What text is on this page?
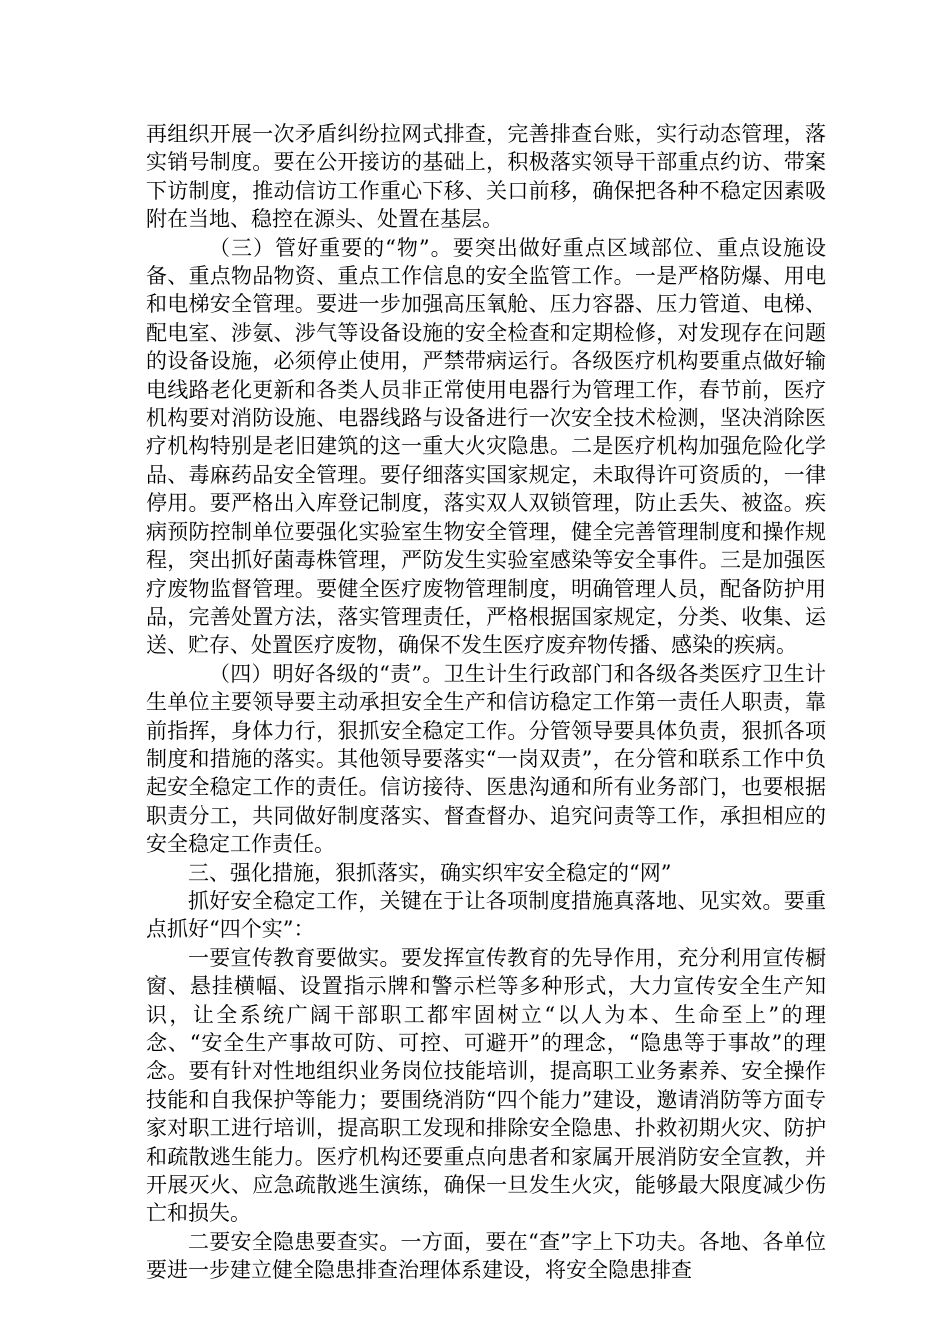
再组织开展一次矛盾纠纷拉网式排查，完善排查台账，实行动态管理，落实销号制度。要在公开接访的基础上，积极落实领导干部重点约访、带案下访制度，推动信访工作重心下移、关口前移，确保把各种不稳定因素吸附在当地、稳控在源头、处置在基层。

（三）管好重要的“物”。要突出做好重点区域部位、重点设施设备、重点物品物资、重点工作信息的安全监管工作。一是严格防爆、用电和电梯安全管理。要进一步加强高压氧舱、压力容器、压力管道、电梯、配电室、涉氨、涉气等设备设施的安全检查和定期检修，对发现存在问题的设备设施，必须停止使用，严禁带病运行。各级医疗机构要重点做好输电线路老化更新和各类人员非正常使用电器行为管理工作，春节前，医疗机构要对消防设施、电器线路与设备进行一次安全技术检测，坚决消除医疗机构特别是老旧建筑的这一重大火灾隐患。二是医疗机构加强危险化学品、毒麻药品安全管理。要仔细落实国家规定，未取得许可资质的，一律停用。要严格出入库登记制度，落实双人双锁管理，防止丢失、被盗。疾病预防控制单位要强化实验室生物安全管理，健全完善管理制度和操作规程，突出抓好菌毒株管理，严防发生实验室感染等安全事件。三是加强医疗废物监督管理。要健全医疗废物管理制度，明确管理人员，配备防护用品，完善处置方法，落实管理责任，严格根据国家规定，分类、收集、运送、贮存、处置医疗废物，确保不发生医疗废弃物传播、感染的疾病。

（四）明好各级的“责”。卫生计生行政部门和各级各类医疗卫生计生单位主要领导要主动承担安全生产和信访稳定工作第一责任人职责，靠前指挥，身体力行，狠抓安全稳定工作。分管领导要具体负责，狠抓各项制度和措施的落实。其他领导要落实“一岗双责”，在分管和联系工作中负起安全稳定工作的责任。信访接待、医患沟通和所有业务部门，也要根据职责分工，共同做好制度落实、督查督办、追究问责等工作，承担相应的安全稳定工作责任。

三、强化措施，狠抓落实，确实织牢安全稳定的“网”

抓好安全稳定工作，关键在于让各项制度措施真落地、见实效。要重点抓好“四个实”：

一要宣传教育要做实。要发挥宣传教育的先导作用，充分利用宣传橱窗、悬挂横幅、设置指示牌和警示栏等多种形式，大力宣传安全生产知识，让全系统广阔干部职工都牢固树立“以人为本、生命至上”的理念、“安全生产事故可防、可控、可避开”的理念，“隐患等于事故”的理念。要有针对性地组织业务岗位技能培训，提高职工业务素养、安全操作技能和自我保护等能力；要围绕消防“四个能力”建设，邀请消防等方面专家对职工进行培训，提高职工发现和排除安全隐患、扑救初期火灾、防护和疏散逃生能力。医疗机构还要重点向患者和家属开展消防安全宣教，并开展灭火、应急疏散逃生演练，确保一旦发生火灾，能够最大限度减少伤亡和损失。

二要安全隐患要查实。一方面，要在“查”字上下功夫。各地、各单位要进一步建立健全隐患排查治理体系建设，将安全隐患排查
